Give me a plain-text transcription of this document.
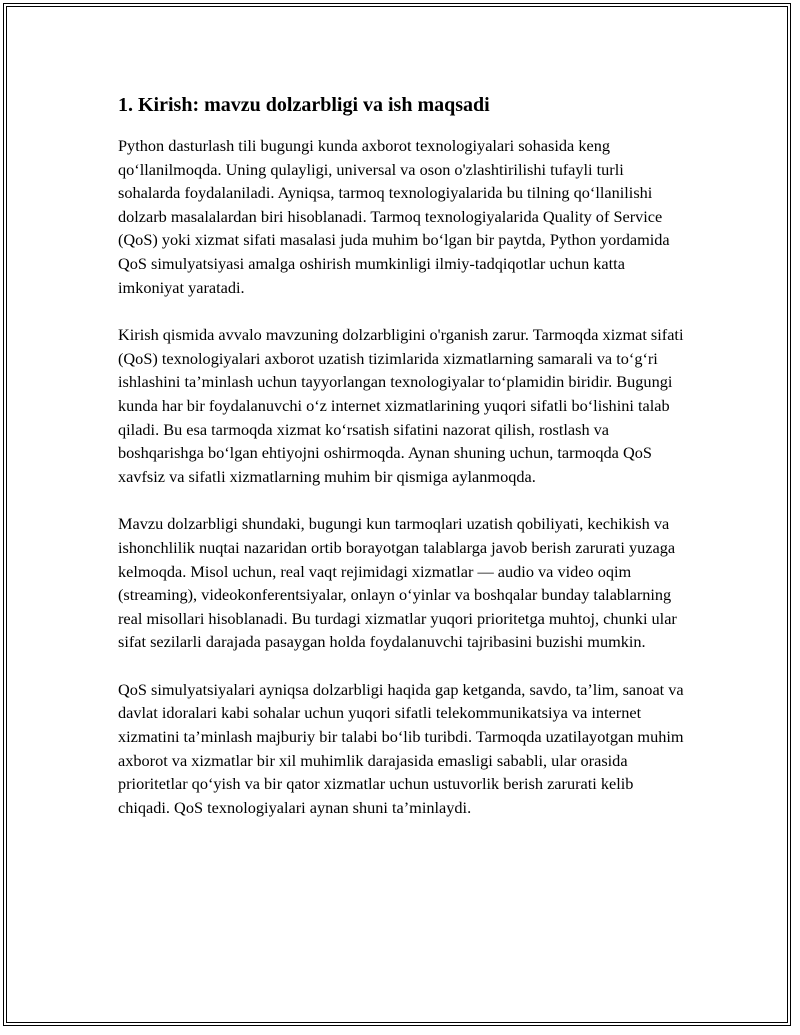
1. Kirish: mavzu dolzarbligi va ish maqsadi

Python dasturlash tili bugungi kunda axborot texnologiyalari sohasida keng qo‘llanilmoqda. Uning qulayligi, universal va oson o'zlashtirilishi tufayli turli sohalarda foydalaniladi. Ayniqsa, tarmoq texnologiyalarida bu tilning qo‘llanilishi dolzarb masalalardan biri hisoblanadi. Tarmoq texnologiyalarida Quality of Service (QoS) yoki xizmat sifati masalasi juda muhim bo‘lgan bir paytda, Python yordamida QoS simulyatsiyasi amalga oshirish mumkinligi ilmiy-tadqiqotlar uchun katta imkoniyat yaratadi.

Kirish qismida avvalo mavzuning dolzarbligini o'rganish zarur. Tarmoqda xizmat sifati (QoS) texnologiyalari axborot uzatish tizimlarida xizmatlarning samarali va to‘g‘ri ishlashini ta’minlash uchun tayyorlangan texnologiyalar to‘plamidin biridir. Bugungi kunda har bir foydalanuvchi o‘z internet xizmatlarining yuqori sifatli bo‘lishini talab qiladi. Bu esa tarmoqda xizmat ko‘rsatish sifatini nazorat qilish, rostlash va boshqarishga bo‘lgan ehtiyojni oshirmoqda. Aynan shuning uchun, tarmoqda QoS xavfsiz va sifatli xizmatlarning muhim bir qismiga aylanmoqda.

Mavzu dolzarbligi shundaki, bugungi kun tarmoqlari uzatish qobiliyati, kechikish va ishonchlilik nuqtai nazaridan ortib borayotgan talablarga javob berish zarurati yuzaga kelmoqda. Misol uchun, real vaqt rejimidagi xizmatlar — audio va video oqim (streaming), videokonferentsiyalar, onlayn o‘yinlar va boshqalar bunday talablarning real misollari hisoblanadi. Bu turdagi xizmatlar yuqori prioritetga muhtoj, chunki ular sifat sezilarli darajada pasaygan holda foydalanuvchi tajribasini buzishi mumkin.

QoS simulyatsiyalari ayniqsa dolzarbligi haqida gap ketganda, savdo, ta’lim, sanoat va davlat idoralari kabi sohalar uchun yuqori sifatli telekommunikatsiya va internet xizmatini ta’minlash majburiy bir talabi bo‘lib turibdi. Tarmoqda uzatilayotgan muhim axborot va xizmatlar bir xil muhimlik darajasida emasligi sababli, ular orasida prioritetlar qo‘yish va bir qator xizmatlar uchun ustuvorlik berish zarurati kelib chiqadi. QoS texnologiyalari aynan shuni ta’minlaydi.
